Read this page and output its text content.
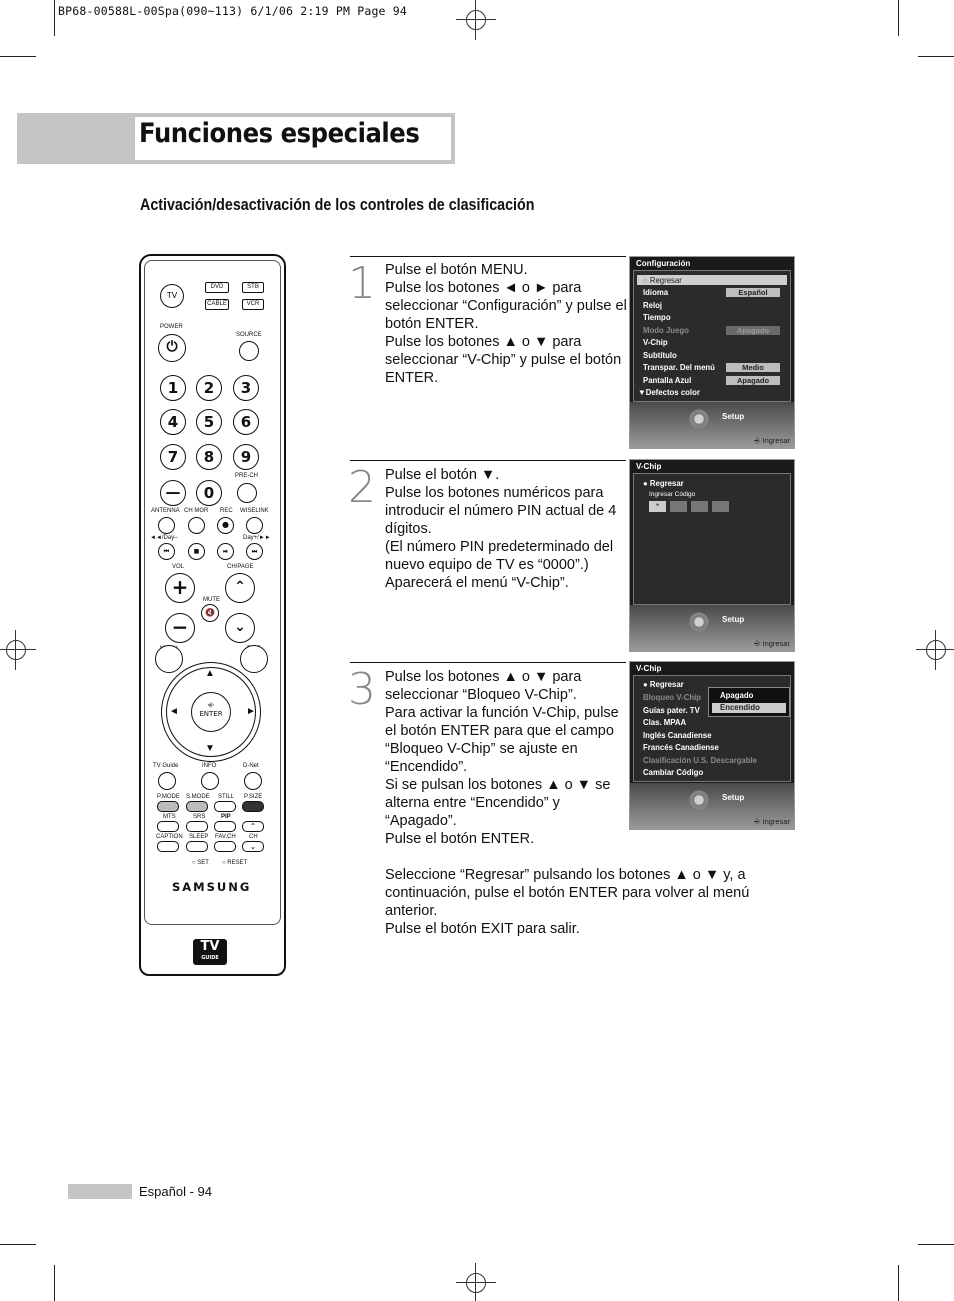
BP68-00588L-00Spa(090~113) 6/1/06 2:19 PM Page 94
Funciones especiales
Activación/desactivación de los controles de clasificación
1 Pulse el botón MENU.

Pulse los botones ◄ o ► para seleccionar “Configuración” y pulse el botón ENTER.

Pulse los botones ▲ o ▼ para seleccionar “V-Chip” y pulse el botón ENTER.

2 Pulse el botón ▼.

Pulse los botones numéricos para introducir el número PIN actual de 4 dígitos.

(El número PIN predeterminado del nuevo equipo de TV es “0000”.)

Aparecerá el menú “V-Chip”.

3 Pulse los botones ▲ o ▼ para seleccionar “Bloqueo V-Chip”.

Para activar la función V-Chip, pulse el botón ENTER para que el campo “Bloqueo V-Chip” se ajuste en “Encendido”.

Si se pulsan los botones ▲ o ▼ se alterna entre “Encendido” y “Apagado”.

Pulse el botón ENTER.

Seleccione “Regresar” pulsando los botones ▲ o ▼ y, a continuación, pulse el botón ENTER para volver al menú anterior.

Pulse el botón EXIT para salir.

Configuración
◌ Regresar
Idioma	Español
Reloj
Tiempo
Modo Juego	Apagado
V-Chip
Subtítulo
Transpar. Del menú	Medio
Pantalla Azul	Apagado
▼Defectos color
Setup
⎆ Ingresar
V-Chip
● Regresar
Ingresar Código
*
Setup
⎆ Ingresar
V-Chip
● Regresar
Bloqueo V-Chip
Guías pater. TV
Clas. MPAA
Inglés Canadiense
Francés Canadiense
Clasificación U.S. Descargable
Cambiar Código
Apagado
Encendido
Setup
⎆ Ingresar
TV
DVD	STB
CABLE	VCR
POWER
⏻
SOURCE
1	2	3
4	5	6
7	8	9
—	0
PRE-CH
ANTENNA CH MGR REC WISELINK
●
◄◄/Day–	Day+/►►
⏮	■	⏯	⏭
VOL	CH/PAGE
+	⌃
MUTE
🔇
−	⌄
▲
▼
◄	►
⎆
ENTER
TV Guide	INFO	D-Net
P.MODE S.MODE STILL P.SIZE
MTS	SRS	PIP
⌃
CAPTION SLEEP FAV.CH CH
⌄
○ SET ○ RESET
SAMSUNG
TV
GUIDE
Español - 94
